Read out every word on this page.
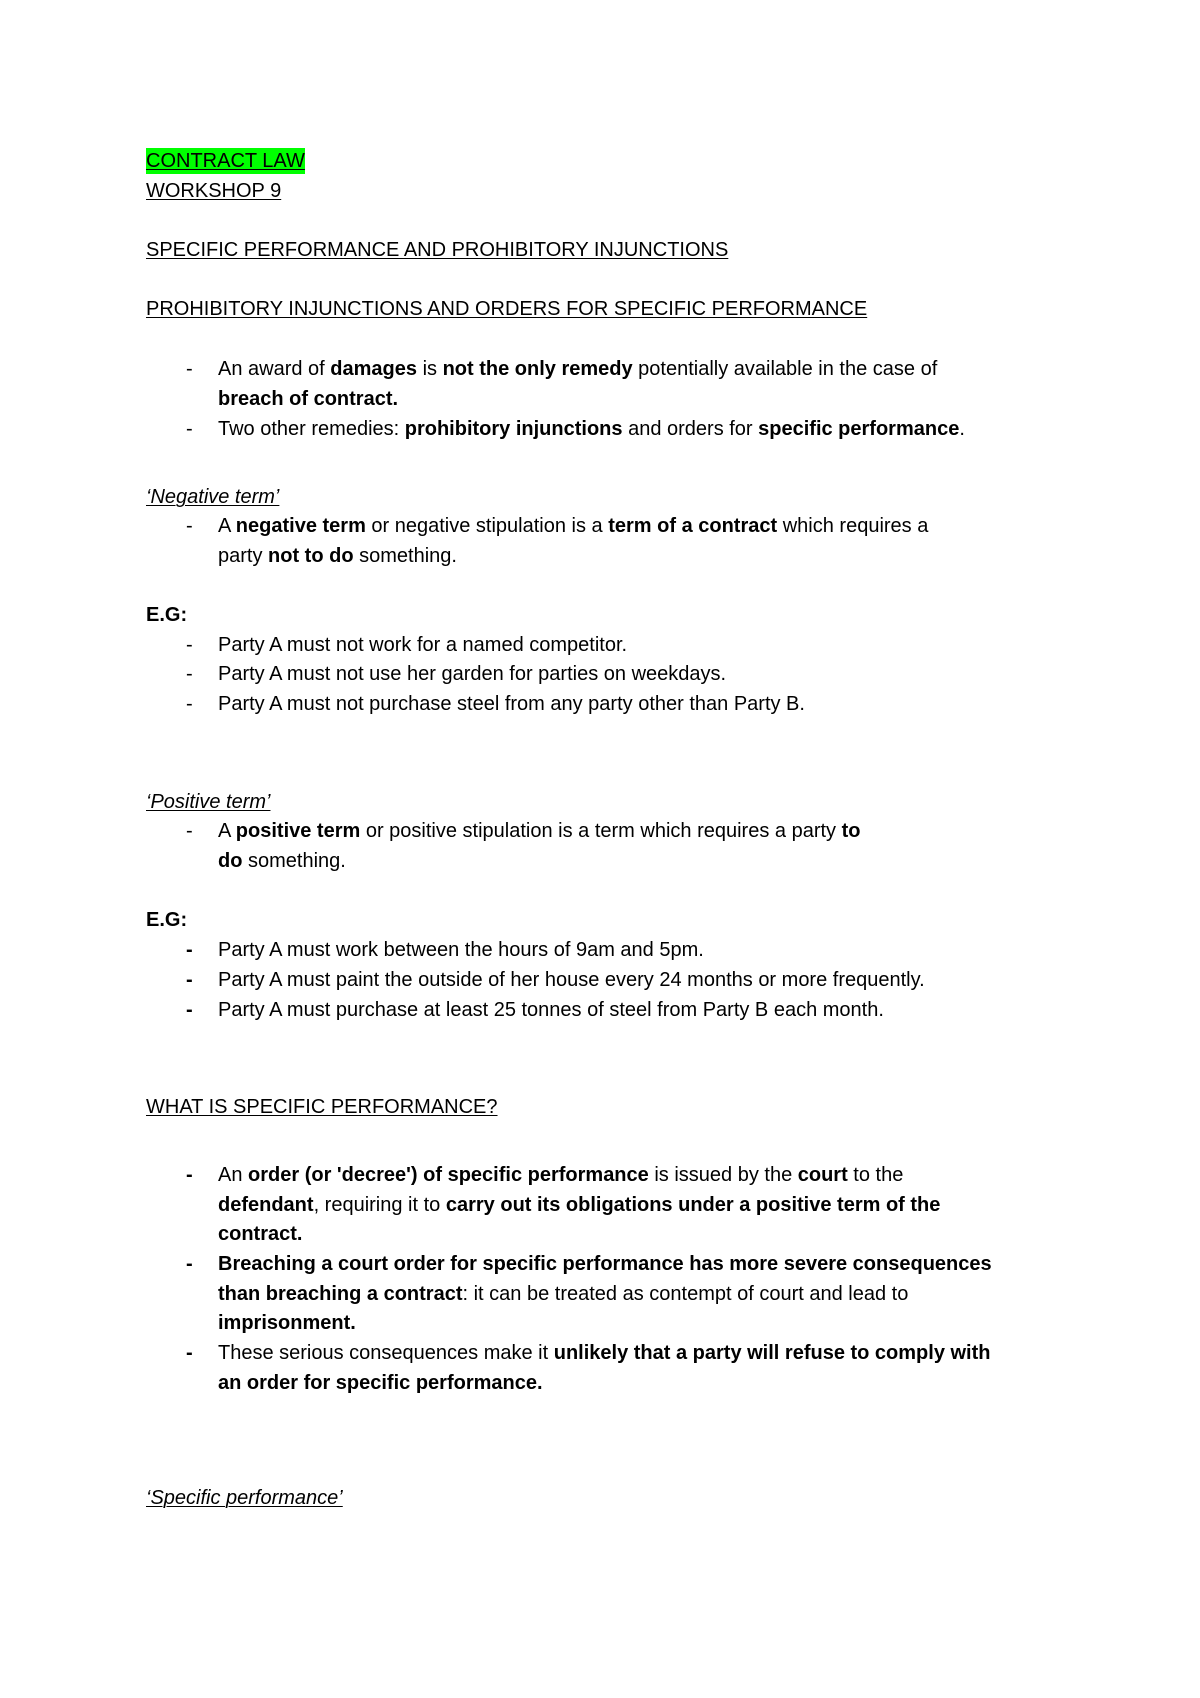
CONTRACT LAW
WORKSHOP 9
SPECIFIC PERFORMANCE AND PROHIBITORY INJUNCTIONS
PROHIBITORY INJUNCTIONS AND ORDERS FOR SPECIFIC PERFORMANCE
- An award of damages is not the only remedy potentially available in the case of
breach of contract.
- Two other remedies: prohibitory injunctions and orders for specific performance.
‘Negative term’
- A negative term or negative stipulation is a term of a contract which requires a
party not to do something.
E.G:
- Party A must not work for a named competitor.
- Party A must not use her garden for parties on weekdays.
- Party A must not purchase steel from any party other than Party B.
‘Positive term’
- A positive term or positive stipulation is a term which requires a party to
do something.
E.G:
- Party A must work between the hours of 9am and 5pm.
- Party A must paint the outside of her house every 24 months or more frequently.
- Party A must purchase at least 25 tonnes of steel from Party B each month.
WHAT IS SPECIFIC PERFORMANCE?
- An order (or 'decree') of specific performance is issued by the court to the
defendant, requiring it to carry out its obligations under a positive term of the
contract.
- Breaching a court order for specific performance has more severe consequences
than breaching a contract: it can be treated as contempt of court and lead to
imprisonment.
- These serious consequences make it unlikely that a party will refuse to comply with
an order for specific performance.
‘Specific performance’
